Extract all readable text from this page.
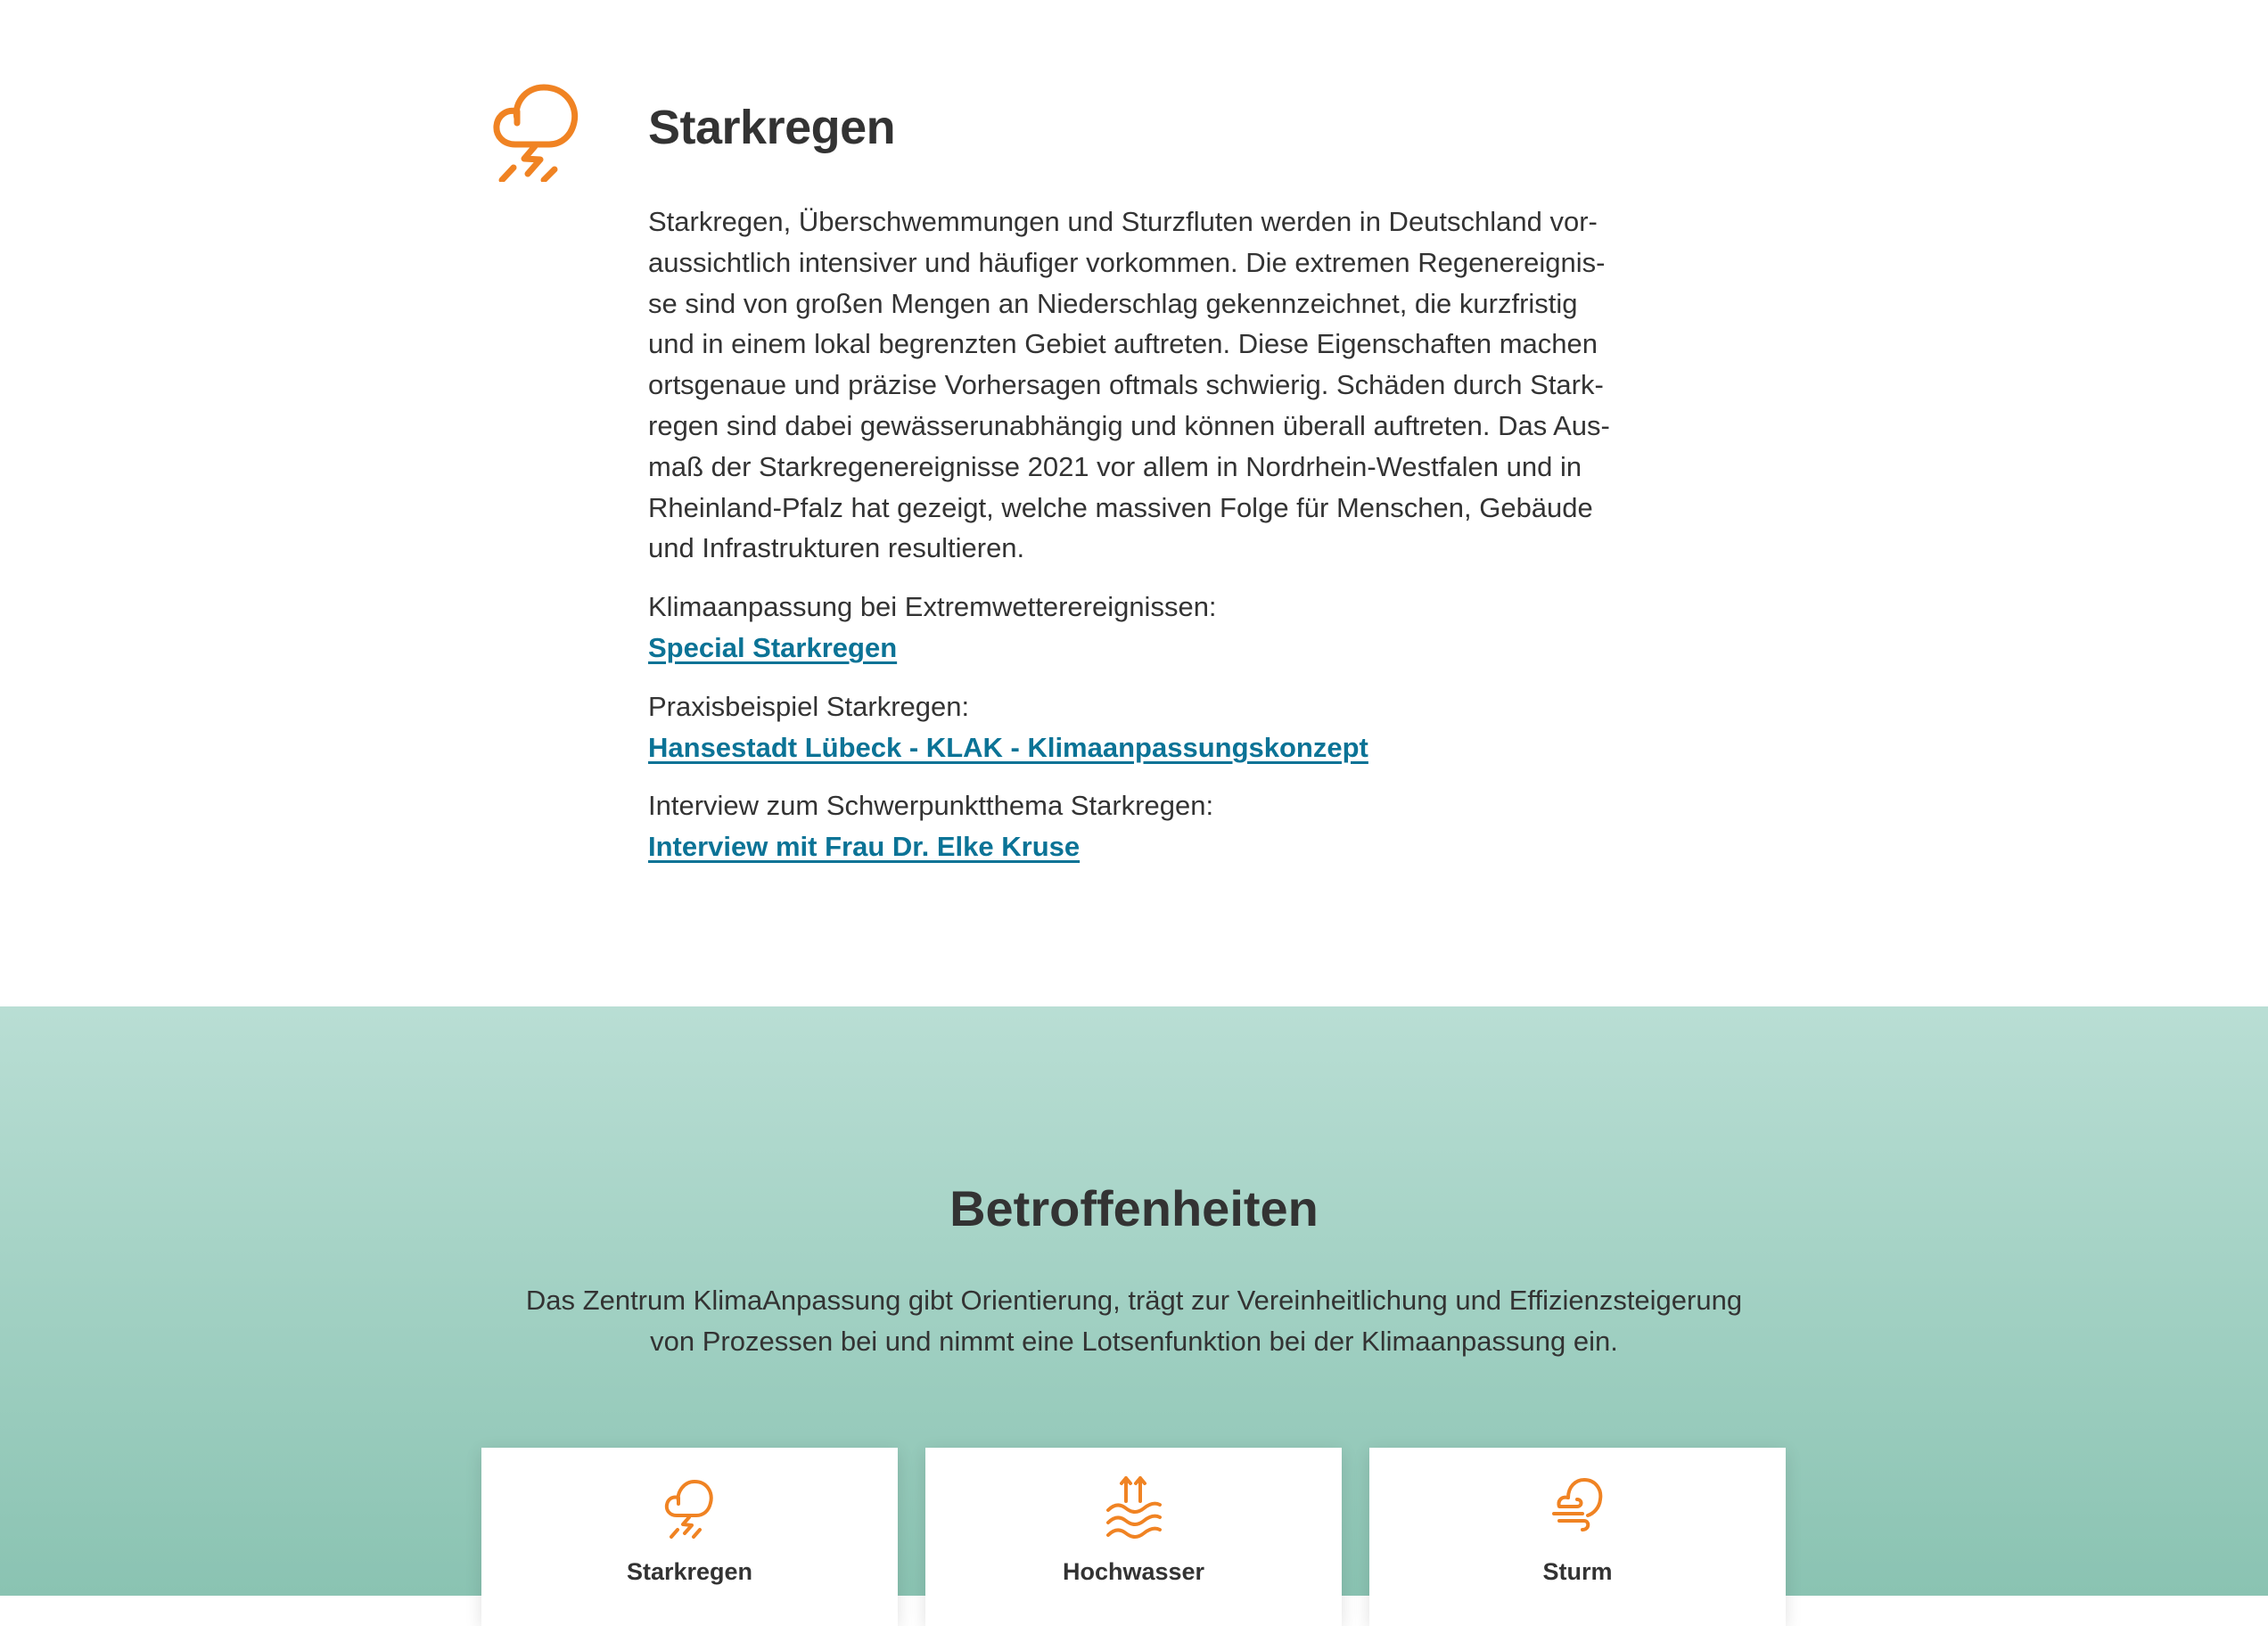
Starkregen

Starkregen, Überschwemmungen und Sturzfluten werden in Deutschland vor-
aussichtlich intensiver und häufiger vorkommen. Die extremen Regenereignis-
se sind von großen Mengen an Niederschlag gekennzeichnet, die kurzfristig
und in einem lokal begrenzten Gebiet auftreten. Diese Eigenschaften machen
ortsgenaue und präzise Vorhersagen oftmals schwierig. Schäden durch Stark-
regen sind dabei gewässerunabhängig und können überall auftreten. Das Aus-
maß der Starkregenereignisse 2021 vor allem in Nordrhein-Westfalen und in
Rheinland-Pfalz hat gezeigt, welche massiven Folge für Menschen, Gebäude
und Infrastrukturen resultieren.

Klimaanpassung bei Extremwetterereignissen:
Special Starkregen
Praxisbeispiel Starkregen:
Hansestadt Lübeck - KLAK - Klimaanpassungskonzept
Interview zum Schwerpunktthema Starkregen:
Interview mit Frau Dr. Elke Kruse
Betroffenheiten
Das Zentrum KlimaAnpassung gibt Orientierung, trägt zur Vereinheitlichung und Effizienzsteigerung
von Prozessen bei und nimmt eine Lotsenfunktion bei der Klimaanpassung ein.
Starkregen	Hochwasser	Sturm
